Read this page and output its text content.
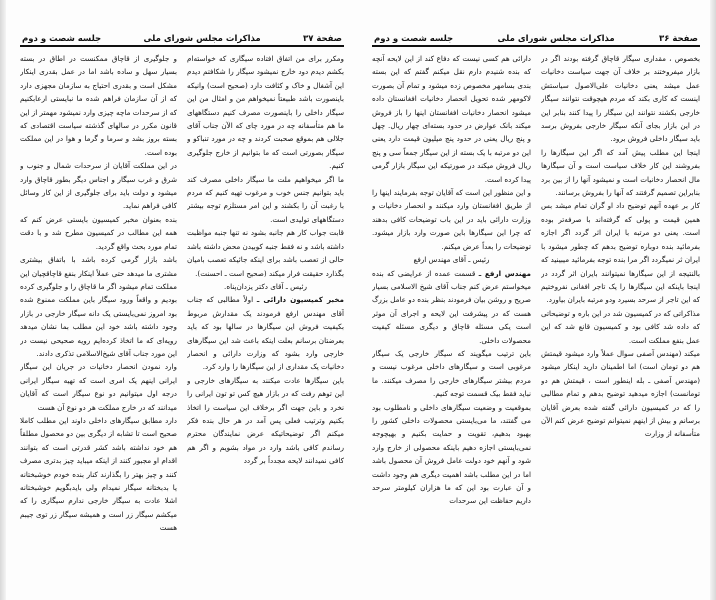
صفحة ۳۷
مذاکرات مجلس شورای ملی
جلسه شصت و دوم

ومکرر برای من اتفاق افتاده سیگاری که خواسته‌ام بکشم دیدم دود خارج نمیشود سیگار را شکافتم دیدم این آشغال و خاک و کثافت دارد (صحیح است) وانیکه باینصورت باشد طبیعتاً نمیخواهم من و امثال من این سیگار داخلی را باینصورت مصرف کنیم دستگاههای ما هم متأسفانه چه در مورد چای که الآن جناب آقای جلالی هم بموقع صحبت کردند و چه در مورد تنباکو و سیگار بصورتی است که ما بتوانیم از خارج جلوگیری کنیم.

ما اگر میخواهیم ملت ما سیگار داخلی مصرف کند باید بتوانیم جنس خوب و مرغوب تهیه کنیم که مردم با رغبت آن را بکشند و این امر مستلزم توجه بیشتر دستگاههای تولیدی است.

قابت جواب کار هم جانبه بشود نه تنها جنبه مواظبت داشته باشد و نه فقط جنبه کوبیدن محض داشته باشد حالی از تعصب باشد برای اینکه جائیکه تعصب بامیان بگذارد حقیقت فرار میکند (صحیح است ـ احسنت).

رئیس ـ آقای دکتر یزدان‌پناه.

مخبر کمیسیون دارائی ـ اولاً مطالبی که جناب آقای مهندس ارفع فرمودند یک مقدارش مربوط بکیفیت فروش این سیگارها در سالها بود که باید بعرضتان برسانم بعلت اینکه باعث شد این سیگارهای خارجی وارد بشود که وزارت دارائی و انحصار دخانیات یک مقداری از این سیگارها را وارد کرد.

باین سیگارها عادت میکنند به سیگارهای خارجی و این توهم رفت که در بازار هیچ کس تو تون ایرانی را نخرد و باین جهت اگر برخلاف این سیاست را اتخاذ بکنیم وترتیب فعلی پس آمد در هر حال بنده فکر میکنم اگر توضیحاتیکه عرض نمایندگان محترم رساندم کافی باشد وارد در مواد بشویم و اگر هم کافی نمیدانند لایحه مجدداً بر گردد

و جلوگیری از قاچاق ممکنست در اطاق در بسته بسیار سهل و ساده باشد اما در عمل بقدری اینکار مشکل است و بقدری احتیاج به سازمان مجهزی دارد که از آن سازمان فراهم شده ما نبایستی ارعابکنیم که از سرحدات ماچه چیزی وارد نمیشود مهمتر از این قانون مکرر در سالهای گذشته سیاست اقتصادی که بسته بروز بشد و سرما و گرما و هوا در این مملکت بوده است.

در این مملکت آقایان از سرحدات شمال و جنوب و شرق و غرب سیگار و اجناس دیگر بطور قاچاق وارد میشود و دولت باید برای جلوگیری از این کار وسائل کافی فراهم نماید.

بنده بعنوان مخبر کمیسیون بایستی عرض کنم که همه این مطالب در کمیسیون مطرح شد و با دقت تمام مورد بحث واقع گردید.

باشد بازار گرمی کرده باشد با باتفاق بیشتری مشتری ما میدهد حتی عملاً اینکار بنفع قاچاقچیان این مملکت تمام میشود اگر ما قاچاق را و جلوگیری کرده بودیم و واقعاً ورود سیگار باین مملکت ممنوع شده بود امروز نمی‌بایستی یک دانه سیگار خارجی در بازار وجود داشته باشد خود این مطلب بما نشان میدهد رویه‌ای که ما اتخاذ کرده‌ایم رویه صحیحی نیست در این مورد جناب آقای شیخ‌الاسلامی تذکری دادند.

وارد نمودن انحصار دخانیات در جریان این سیگار ایرانی اینهم یک امری است که تهیه سیگار ایرانی درجه اول میتوانیم دو نوع سیگار است که آقایان میدانند که در خارج مملکت هر دو نوع آن هست

دارد مطابق سیگارهای داخلی داوند این مطلب کاملا صحیح است تا تشابه از دیگری بین دو محصول مطلقاً هم خود نداشته باشد کشر قدرتی است که بتوانند اقدام او مجبور کنند از اینکه میباید چیز بدتری مصرف کنند و چیز بهتر را بگذارند کنار بنده خودم خوشبختانه یا بدبختانه سیگار نمیدام ولی بایدبگویم خوشبختانه اشلا عادت به سیگار خارجی ندارم سیگاری را که میکشم سیگار زر است و همیشه سیگار زر توی جیبم هست

صفحة ۳۶
مذاکرات مجلس شورای ملی
جلسه شصت و دوم

بخصوص ، مقداری سیگار قاچاق گرفته بودند اگر در بازار میفروختند بر خلاف آن جهت سیاست دخانیات عمل میشد یعنی دخانیات علی‌الاصول سیاستش اینست که کاری بکند که مردم هیچوقت نتوانند سیگار خارجی بکشند نتوانند این سیگار را پیدا کنند بنابر این در این بازار بجای آنکه سیگار خارجی بفروش برسد باید سیگار داخلی فروش برود.

اینجا این مطلب پیش آمد که اگر این سیگارها را بفروشند این کار خلاف سیاست است و آن سیگارها مال انحصار دخانیات است و نمیشود آنها را از بین برد بنابراین تصمیم گرفتند که آنها را بفروش برسانند.

کار بر عهده آنهم توضیح داد او گران تمام میشد بس همین قیمت و پولی که گرفته‌اند با صرفه‌تر بوده است. یعنی دو مرتبه با ایران اثر گردد اگر اجازه بفرمائید بنده دوباره توضیح بدهم که چطور میشود با ایران ثر نمیگردد اگر مرا بنده توجه بفرمائید میبینید که بالنتیجه از این سیگارها نمیتوانند بایران اثر گردد در اینجا باینکه این سیگارها را یک تاجر افغانی نفروختیم که این تاجر از سرحد بسیرد ودو مرتبه بایران بیاورد.

مذاکراتی که در کمیسیون شد در این باره و توضیحاتی که داده شد کافی بود و کمیسیون قانع شد که این عمل بنفع مملکت است.

میکند (مهندس آصفی سوال عملاً وارد میشود قیمتش هم دو تومان است) اما اطمینان دارید اینکار میشود (مهندس آصفی ـ بله اینطور است ، قیمتش هم دو تومانست) اجازه میدهید توضیح بدهم و تمام مطالبی را که در کمیسیون دارائی گفته شده بعرض آقایان برسانم و بیش از اینهم نمیتوانم توضیح عرض کنم الآن متأسفانه از وزارت

دارائی هم کسی نیست که دفاع کند از این لایحه آنچه که بنده شنیدم دارم نقل میکنم گفتم که این بسته بندی بسامهر مخصوص زده میشود و تمام آن بصورت لاکومهر شده تحویل انحصار دخانیات افغانستان داده میشود انحصار دخانیات افغانستان اینها را باز فروش میکند بانک عوارض در حدود بسته‌ای چهار ریال. چهل و پنج ریال یعنی در حدود پنج میلیون قیمت دارد یعنی این دو مرتبه با یک بسته از این سیگار جمعاً سی و پنج ریال فروش میکند در صورتیکه این سیگار بازار گرمی پیدا کرده است.

و این منظور این است که آقایان توجه بفرمایند اینها را از طریق افغانستان وارد میکنند و انحصار دخانیات و وزارت دارائی باید در این باب توضیحات کافی بدهند که چرا این سیگارها باین صورت وارد بازار میشود. توضیحات را بعداً عرض میکنم.

رئیس ـ آقای مهندس ارفع

مهندس ارفع ـ قسمت عمده از عرایضی که بنده میخواستم عرض کنم جناب آقای شیخ الاسلامی بسیار صریح و روشن بیان فرمودند بنظر بنده دو عامل بزرگ هست که در پیشرفت این لایحه و اجرای آن موثر است یکی مسئله قاچاق و دیگری مسئله کیفیت محصولات داخلی.

باین ترتیب میگویند که سیگار خارجی یک سیگار مرغوبی است و سیگارهای داخلی مرغوب نیست و مردم بیشتر سیگارهای خارجی را مصرف میکنند. ما نباید فقط بیک قسمت توجه کنیم.

بموقعیت و وضعیت سیگارهای داخلی و نامطلوب بود می گفتند، ما می‌بایستی محصولات داخلی کشور را بهبود بدهیم، تقویت و حمایت بکنیم و بهیچوجه نمی‌بایستی اجازه دهیم باینکه محصولی از خارج وارد شود و آنهم خود دولت عامل فروش آن محصول باشد اما در این مطلب باشد اهمیت دیگری هم وجود داشت و آن عبارت بود این که ما هزاران کیلومتر سرحد داریم حفاظت این سرحدات
